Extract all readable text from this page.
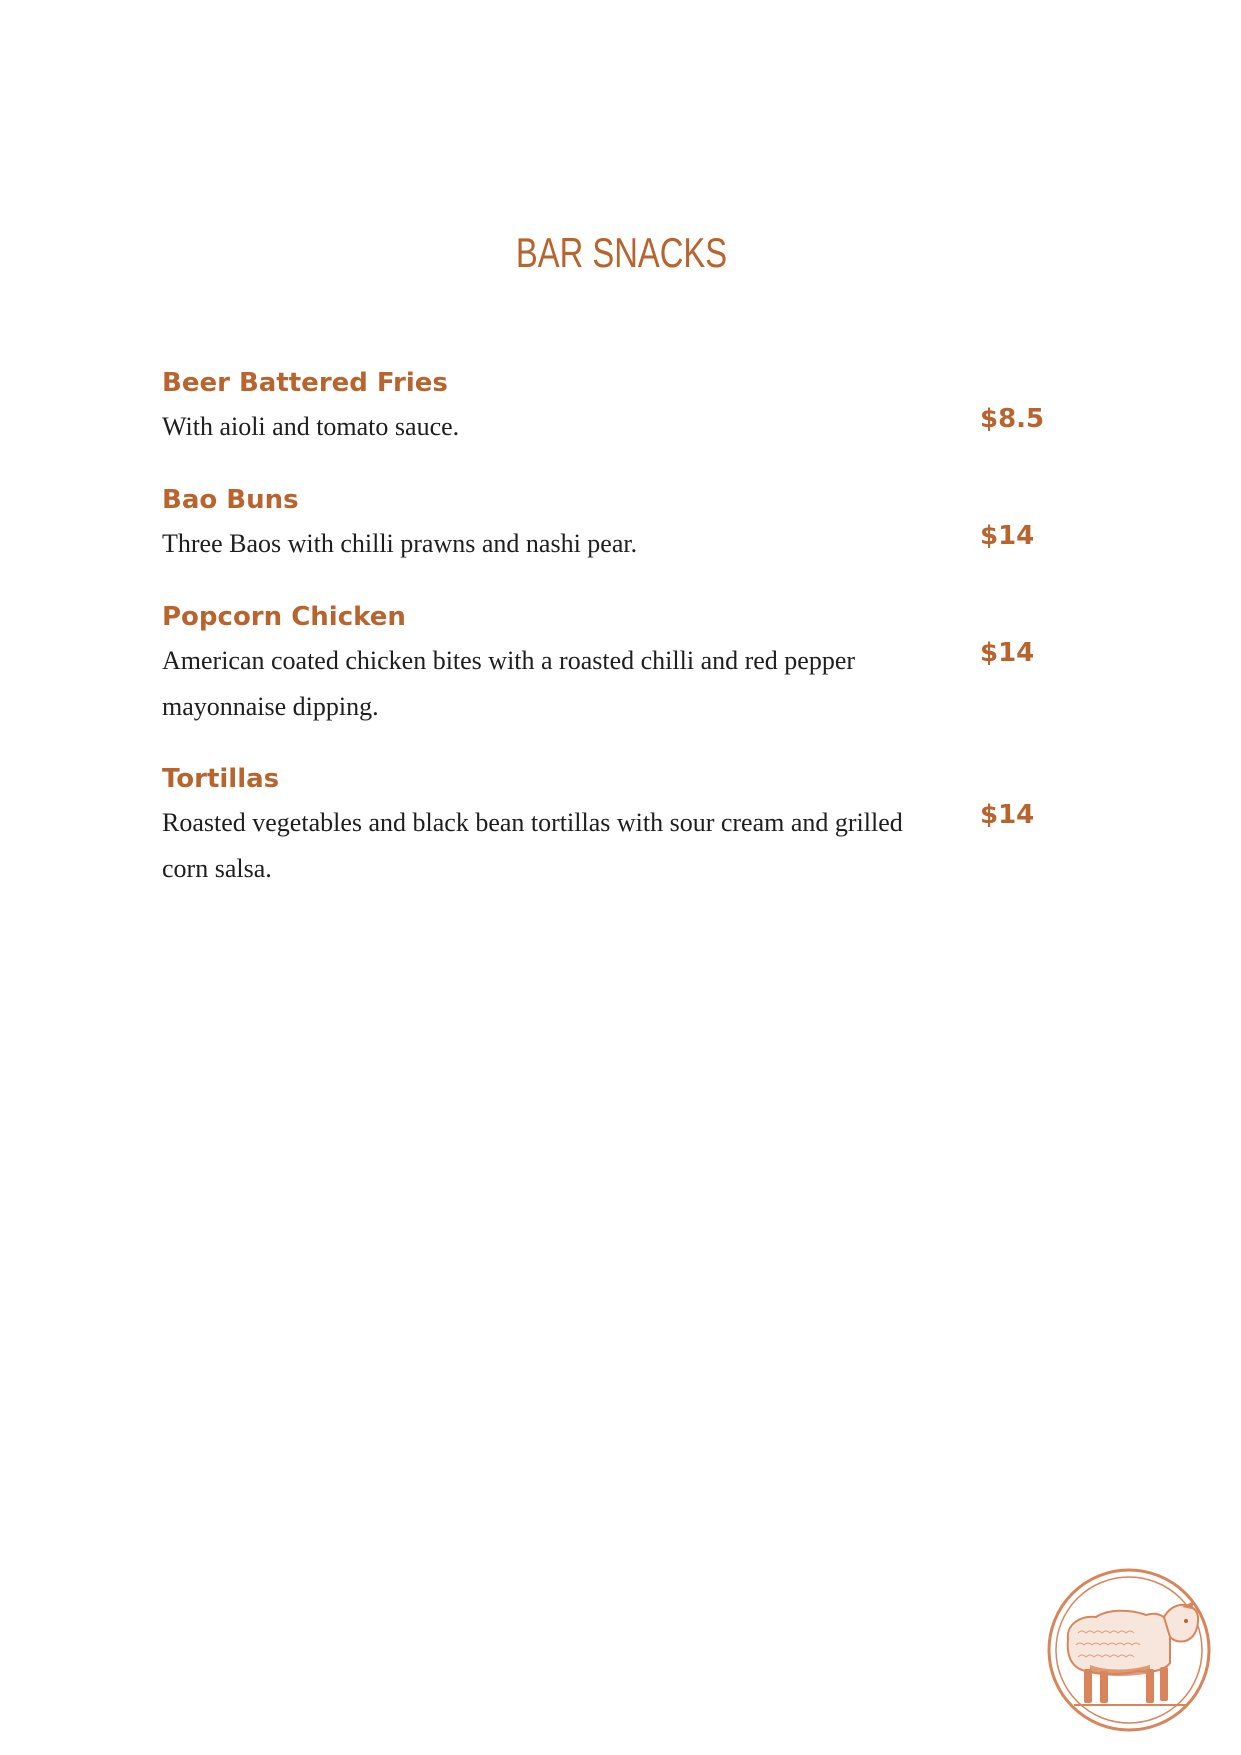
BAR SNACKS

Beer Battered Fries

With aioli and tomato sauce.	$8.5

Bao Buns

Three Baos with chilli prawns and nashi pear.	$14

Popcorn Chicken

American coated chicken bites with a roasted chilli and red pepper mayonnaise dipping.

$14

Tortillas

Roasted vegetables and black bean tortillas with sour cream and grilled corn salsa.

$14
